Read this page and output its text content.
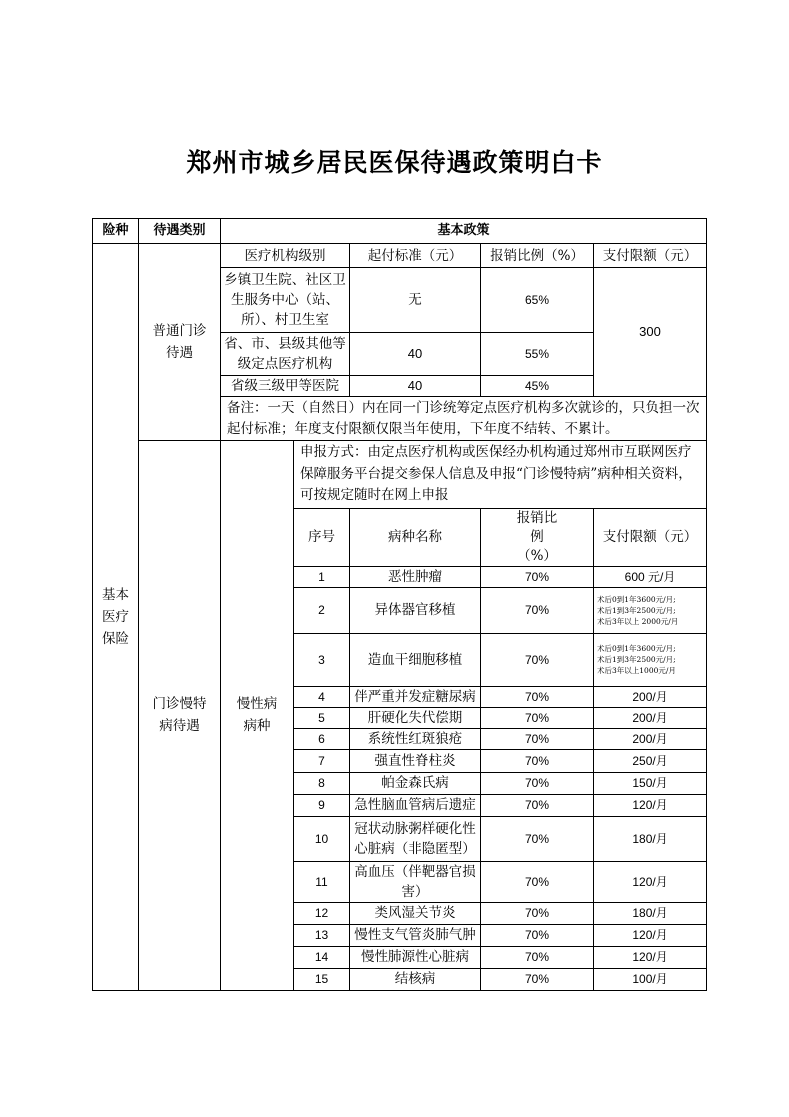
郑州市城乡居民医保待遇政策明白卡
险种	待遇类别	基本政策				

基本医疗保险	普通门诊待遇	医疗机构级别		起付标准（元）	报销比例（%）	支付限额（元）
		乡镇卫生院、社区卫生服务中心（站、所）、村卫生室		无	65%	300
		省、市、县级其他等级定点医疗机构		40	55%	
		省级三级甲等医院		40	45%	
		备注：一天（自然日）内在同一门诊统筹定点医疗机构多次就诊的，只负担一次起付标准；年度支付限额仅限当年使用，下年度不结转、不累计。				

	门诊慢特病待遇	慢性病病种	申报方式：由定点医疗机构或医保经办机构通过郑州市互联网医疗保障服务平台提交参保人信息及申报“门诊慢特病”病种相关资料，可按规定随时在网上申报			
			序号	病种名称	报销比例（%）	支付限额（元）
			1	恶性肿瘤	70%	600 元/月
			2	异体器官移植	70%	术后0到1年3600元/月;
术后1到3年2500元/月;
术后3年以上 2000元/月

			3	造血干细胞移植	70%	术后0到1年3600元/月;
术后1到3年2500元/月;
术后3年以上1000元/月

			4	伴严重并发症糖尿病	70%	200/月
			5	肝硬化失代偿期	70%	200/月
			6	系统性红斑狼疮	70%	200/月
			7	强直性脊柱炎	70%	250/月
			8	帕金森氏病	70%	150/月
			9	急性脑血管病后遗症	70%	120/月
			10	冠状动脉粥样硬化性心脏病（非隐匿型）	70%	180/月
			11	高血压（伴靶器官损害）	70%	120/月
			12	类风湿关节炎	70%	180/月
			13	慢性支气管炎肺气肿	70%	120/月
			14	慢性肺源性心脏病	70%	120/月
			15	结核病	70%	100/月
